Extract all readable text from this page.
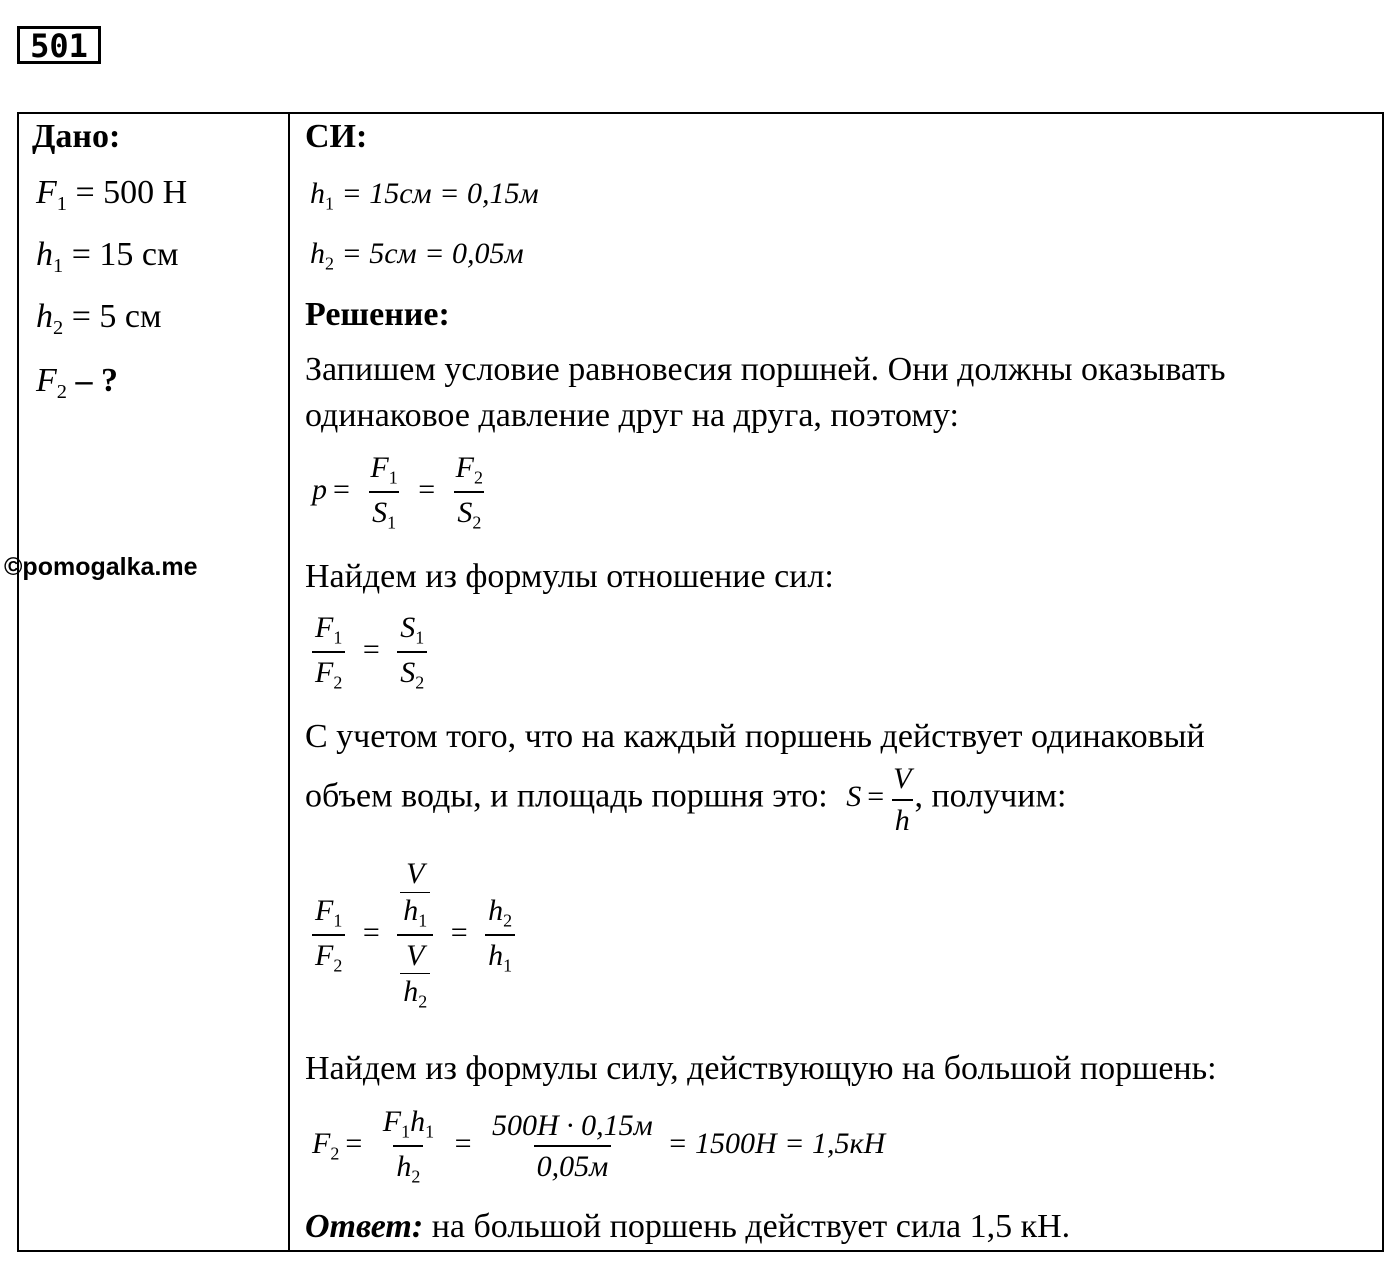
501
Дано:
$F_1 = 500$ Н
$h_1 = 15$ см
$h_2 = 5$ см
$F_2$ – ?
©pomogalka.me
СИ:
$h_1 = 15см = 0,15м$
$h_2 = 5см = 0,05м$
Решение:
Запишем условие равновесия поршней. Они должны оказывать
одинаковое давление друг на друга, поэтому:
$p = \frac{F_1}{S_1} = \frac{F_2}{S_2}$
Найдем из формулы отношение сил:
$\frac{F_1}{F_2} = \frac{S_1}{S_2}$
С учетом того, что на каждый поршень действует одинаковый
объем воды, и площадь поршня это: $S = \frac{V}{h}$ , получим:
$\frac{F_1}{F_2} = \frac{\frac{V}{h_1}}{\frac{V}{h_2}} = \frac{h_2}{h_1}$
Найдем из формулы силу, действующую на большой поршень:
$F_2 = \frac{F_1h_1}{h_2} = \frac{500Н \cdot 0,15м}{0,05м} = 1500Н = 1,5кН$
Ответ: на большой поршень действует сила 1,5 кН.
